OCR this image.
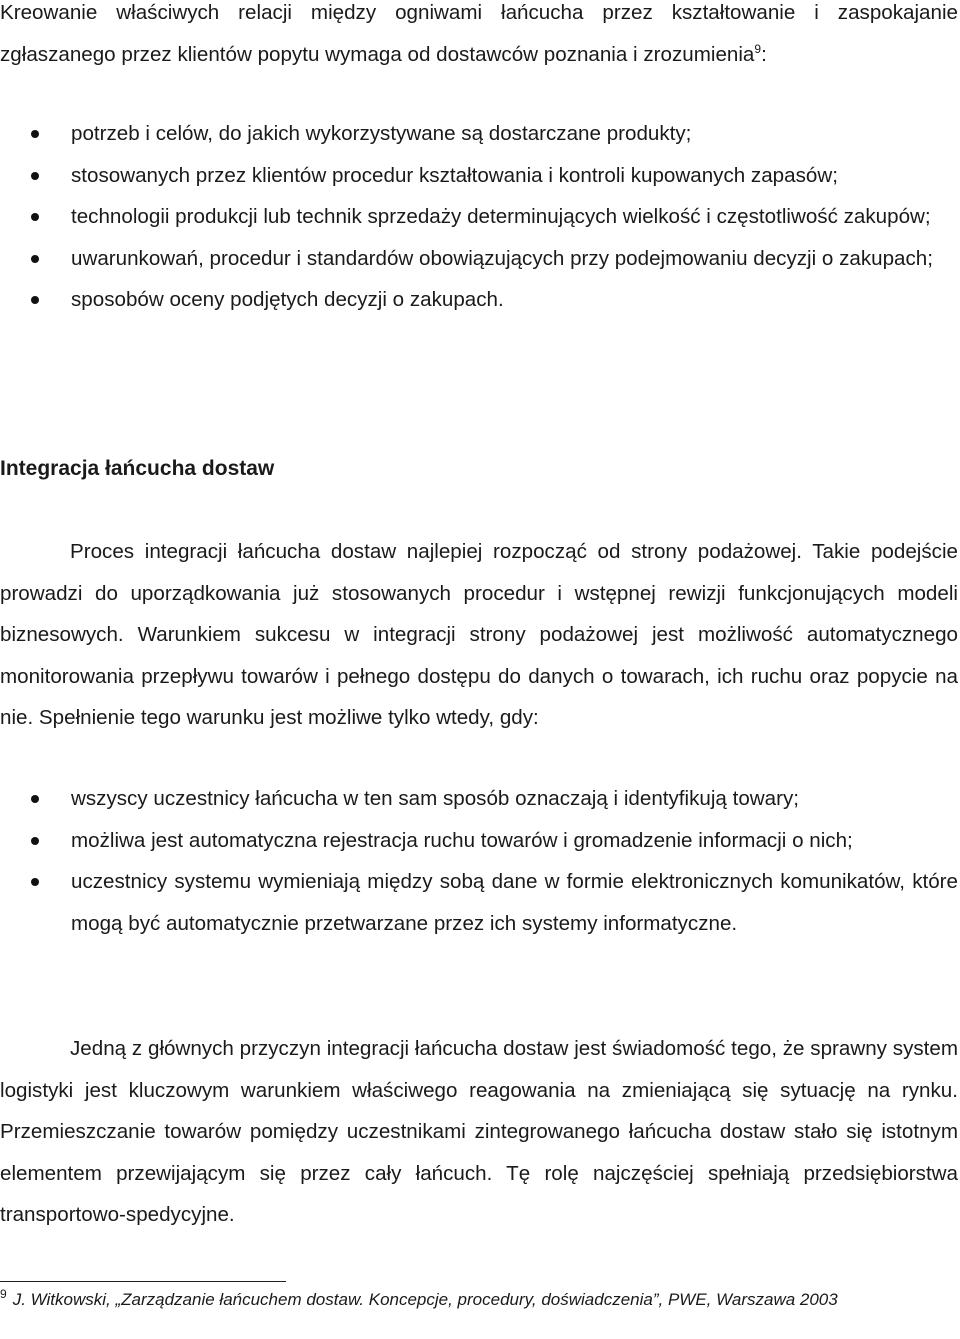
Kreowanie właściwych relacji między ogniwami łańcucha przez kształtowanie i zaspokajanie zgłaszanego przez klientów popytu wymaga od dostawców poznania i zrozumienia$^9$:

potrzeb i celów, do jakich wykorzystywane są dostarczane produkty;
stosowanych przez klientów procedur kształtowania i kontroli kupowanych zapasów;
technologii produkcji lub technik sprzedaży determinujących wielkość i częstotliwość zakupów;
uwarunkowań, procedur i standardów obowiązujących przy podejmowaniu decyzji o zakupach;
sposobów oceny podjętych decyzji o zakupach.
Integracja łańcucha dostaw

Proces integracji łańcucha dostaw najlepiej rozpocząć od strony podażowej. Takie podejście prowadzi do uporządkowania już stosowanych procedur i wstępnej rewizji funkcjonujących modeli biznesowych. Warunkiem sukcesu w integracji strony podażowej jest możliwość automatycznego monitorowania przepływu towarów i pełnego dostępu do danych o towarach, ich ruchu oraz popycie na nie. Spełnienie tego warunku jest możliwe tylko wtedy, gdy:

wszyscy uczestnicy łańcucha w ten sam sposób oznaczają i identyfikują towary;
możliwa jest automatyczna rejestracja ruchu towarów i gromadzenie informacji o nich;
uczestnicy systemu wymieniają między sobą dane w formie elektronicznych komunikatów, które mogą być automatycznie przetwarzane przez ich systemy informatyczne.

Jedną z głównych przyczyn integracji łańcucha dostaw jest świadomość tego, że sprawny system logistyki jest kluczowym warunkiem właściwego reagowania na zmieniającą się sytuację na rynku. Przemieszczanie towarów pomiędzy uczestnikami zintegrowanego łańcucha dostaw stało się istotnym elementem przewijającym się przez cały łańcuch. Tę rolę najczęściej spełniają przedsiębiorstwa transportowo-spedycyjne.

$^9$ J. Witkowski, „Zarządzanie łańcuchem dostaw. Koncepcje, procedury, doświadczenia”, PWE, Warszawa 2003
